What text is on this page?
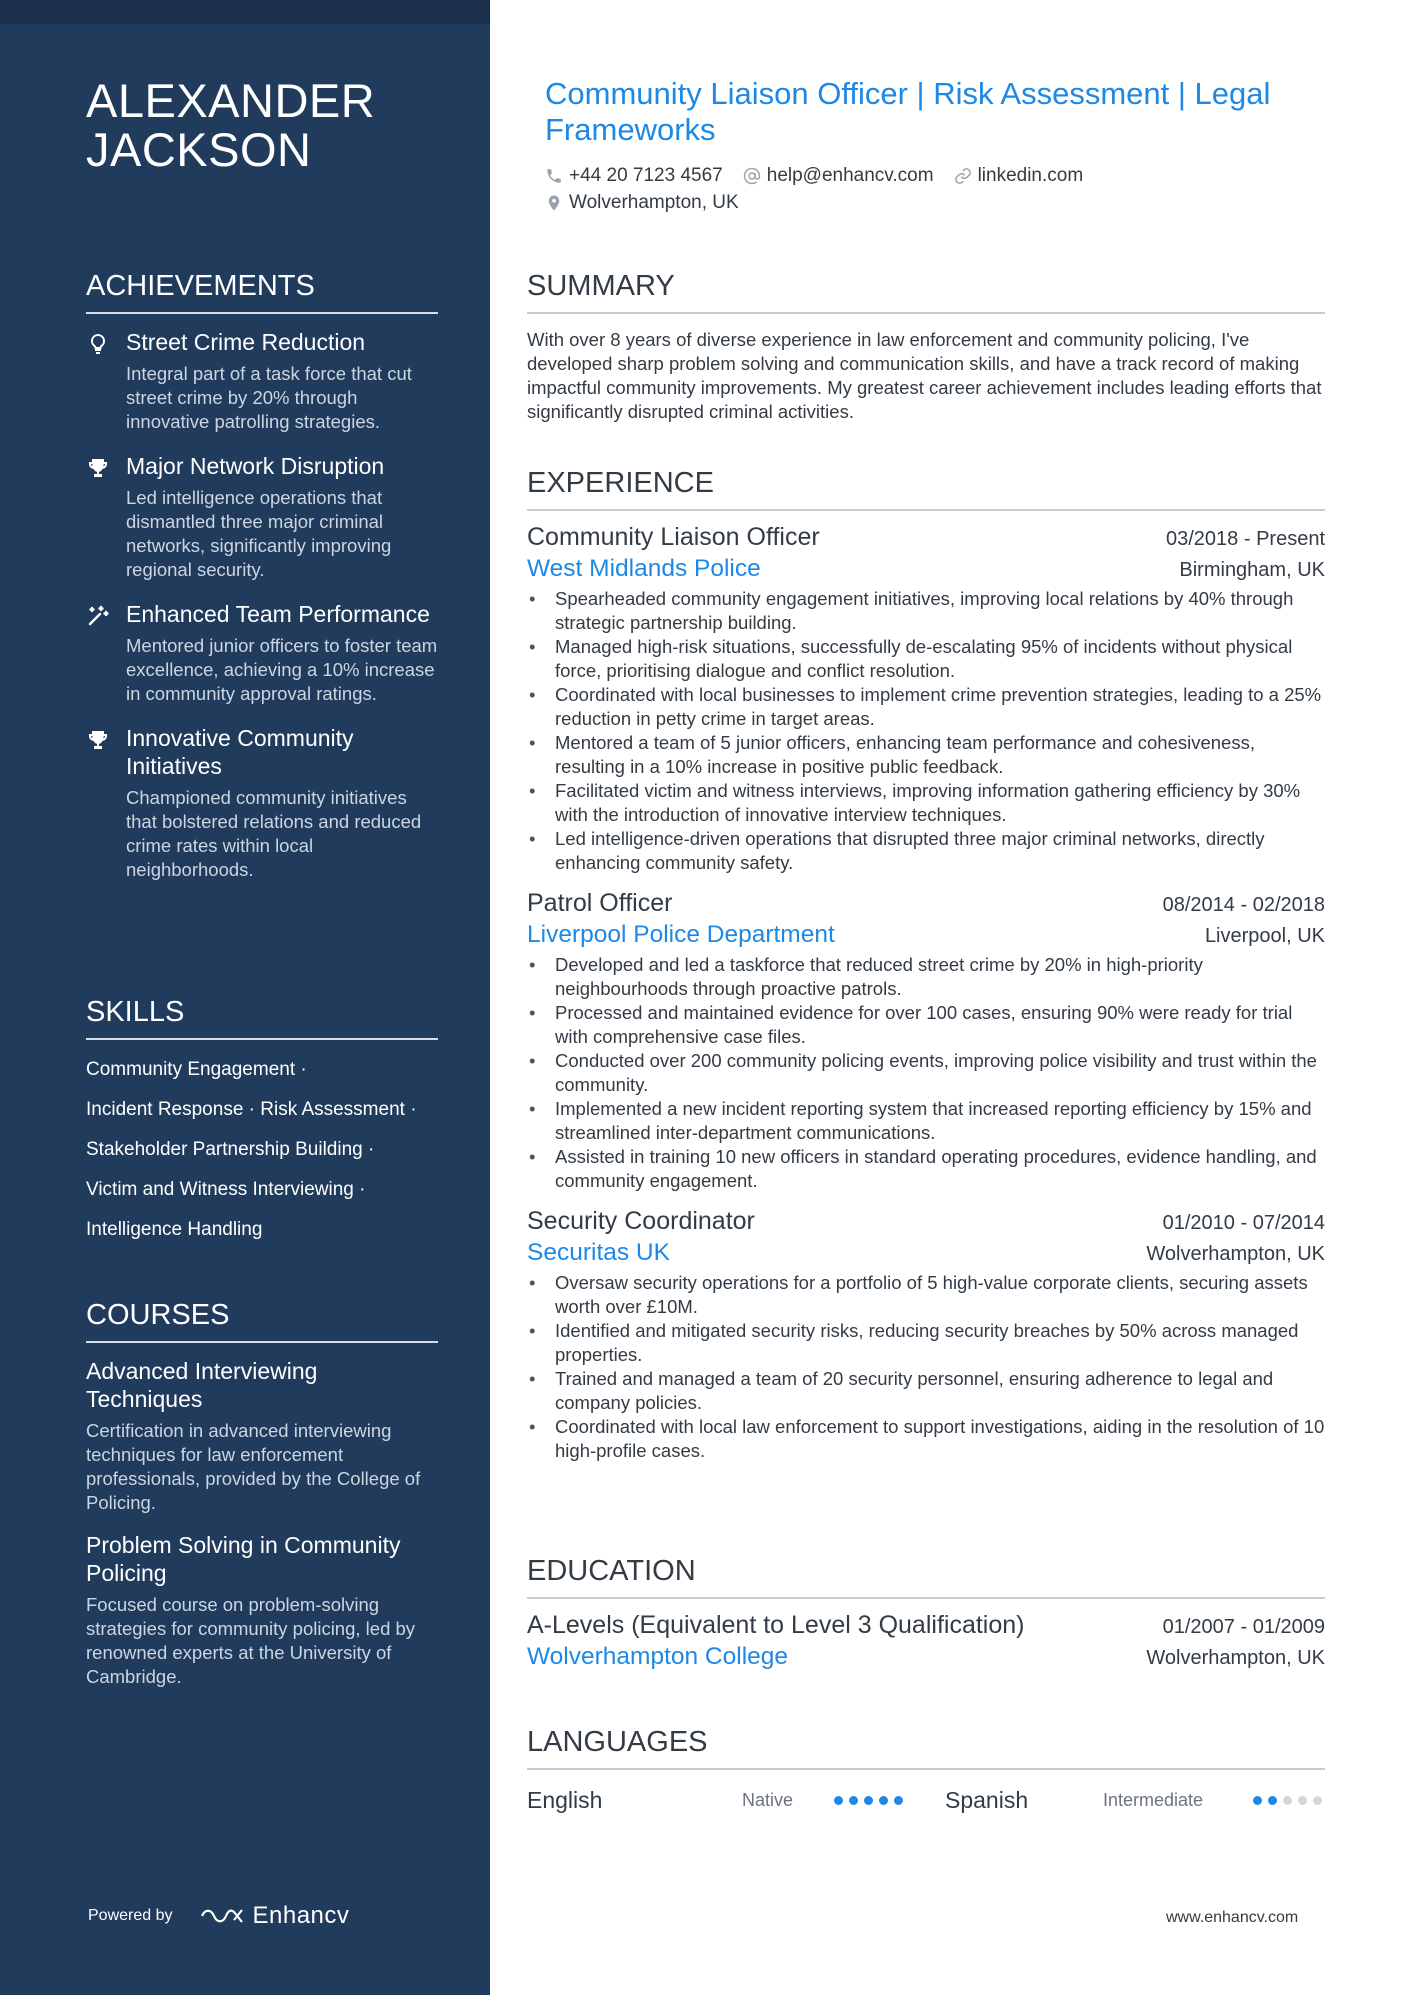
ALEXANDER
JACKSON
ACHIEVEMENTS
Street Crime Reduction
Integral part of a task force that cut street crime by 20% through innovative patrolling strategies.
Major Network Disruption
Led intelligence operations that dismantled three major criminal networks, significantly improving regional security.
Enhanced Team Performance
Mentored junior officers to foster team excellence, achieving a 10% increase in community approval ratings.
Innovative Community Initiatives
Championed community initiatives that bolstered relations and reduced crime rates within local neighborhoods.
SKILLS
Community Engagement ·
Incident Response · Risk Assessment ·
Stakeholder Partnership Building ·
Victim and Witness Interviewing ·
Intelligence Handling
COURSES
Advanced Interviewing Techniques
Certification in advanced interviewing techniques for law enforcement professionals, provided by the College of Policing.
Problem Solving in Community Policing
Focused course on problem-solving strategies for community policing, led by renowned experts at the University of Cambridge.
Powered by	Enhancv
Community Liaison Officer | Risk Assessment | Legal Frameworks
+44 20 7123 4567 help@enhancv.com linkedin.com
Wolverhampton, UK
SUMMARY

With over 8 years of diverse experience in law enforcement and community policing, I've developed sharp problem solving and communication skills, and have a track record of making impactful community improvements. My greatest career achievement includes leading efforts that significantly disrupted criminal activities.

EXPERIENCE
Community Liaison Officer	03/2018 - Present
West Midlands Police	Birmingham, UK
• Spearheaded community engagement initiatives, improving local relations by 40% through strategic partnership building.
• Managed high-risk situations, successfully de-escalating 95% of incidents without physical force, prioritising dialogue and conflict resolution.
• Coordinated with local businesses to implement crime prevention strategies, leading to a 25% reduction in petty crime in target areas.
• Mentored a team of 5 junior officers, enhancing team performance and cohesiveness, resulting in a 10% increase in positive public feedback.
• Facilitated victim and witness interviews, improving information gathering efficiency by 30% with the introduction of innovative interview techniques.
• Led intelligence-driven operations that disrupted three major criminal networks, directly enhancing community safety.
Patrol Officer	08/2014 - 02/2018
Liverpool Police Department	Liverpool, UK
• Developed and led a taskforce that reduced street crime by 20% in high-priority neighbourhoods through proactive patrols.
• Processed and maintained evidence for over 100 cases, ensuring 90% were ready for trial with comprehensive case files.
• Conducted over 200 community policing events, improving police visibility and trust within the community.
• Implemented a new incident reporting system that increased reporting efficiency by 15% and streamlined inter-department communications.
• Assisted in training 10 new officers in standard operating procedures, evidence handling, and community engagement.
Security Coordinator	01/2010 - 07/2014
Securitas UK	Wolverhampton, UK
• Oversaw security operations for a portfolio of 5 high-value corporate clients, securing assets worth over £10M.
• Identified and mitigated security risks, reducing security breaches by 50% across managed properties.
• Trained and managed a team of 20 security personnel, ensuring adherence to legal and company policies.
• Coordinated with local law enforcement to support investigations, aiding in the resolution of 10 high-profile cases.
EDUCATION
A-Levels (Equivalent to Level 3 Qualification)	01/2007 - 01/2009
Wolverhampton College	Wolverhampton, UK
LANGUAGES
English	Native	Spanish	Intermediate
www.enhancv.com
